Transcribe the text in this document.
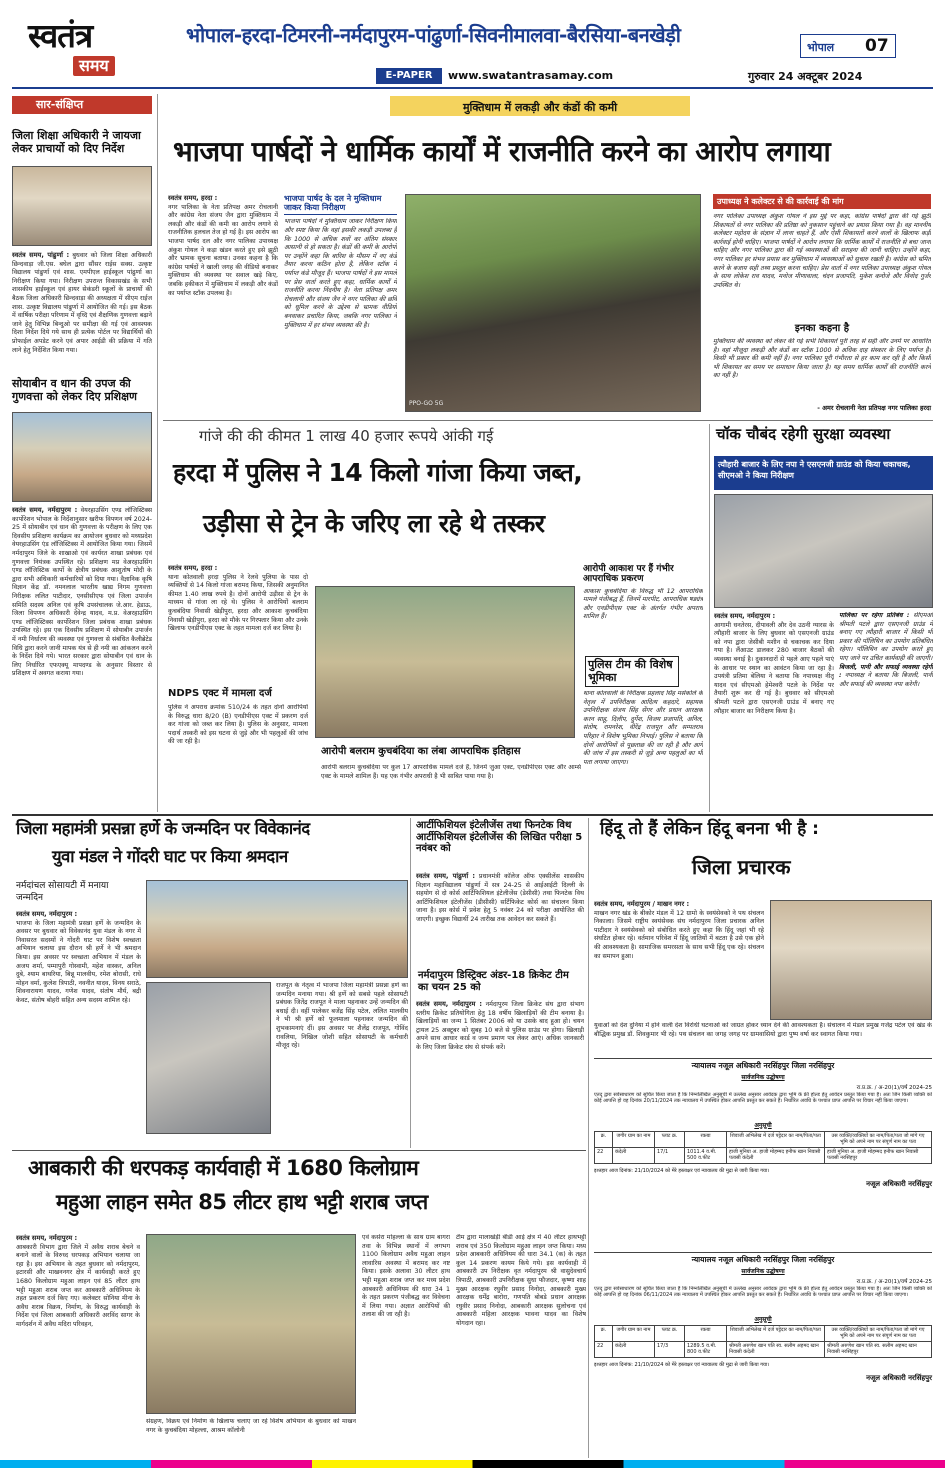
स्वतंत्र
समय
भोपाल-हरदा-टिमरनी-नर्मदापुरम-पांढुर्णा-सिवनीमालवा-बैरसिया-बनखेड़ी
भोपाल 07
E-PAPER	www.swatantrasamay.com	गुरुवार 24 अक्टूबर 2024
सार-संक्षिप्त
जिला शिक्षा अधिकारी ने जायजा लेकर प्राचार्यो को दिए निर्देश
स्वतंत्र समय, पांढुर्णा : बुधवार को जिला शिक्षा अधिकारी छिन्दवाड़ा जी.एस. बघेल द्वारा सौंसर राईस सक्स. उत्कृष्ट विद्यालय पांढुर्णा एवं शास. एमपीएल हाईस्कूल पांढुर्णा का निरीक्षण किया गया। निरीक्षण उपरान्त विकासखंड के सभी शासकीय हाईस्कूल एवं हायर सेकंडरी स्कूलों के प्राचार्यो की बैठक जिला अधिकारी छिन्दवाड़ा की अध्यक्षता में सीएम राईज शास. उत्कृष्ट विद्यालय पांढुर्णा में आयोजित की गई। इस बैठक में वार्षिक परीक्षा परिणाम में वृध्दि एवं शैक्षणिक गुणवत्ता बढ़ाने जाने हेतु विभिन्न बिन्दुओ पर समीक्षा की गई एवं आवश्यक दिशा निर्देश दिये गये साथ ही प्रत्येक पोर्टल पर विद्यार्थियों की प्रोफाईल अपडेट करने एवं अपार आईडी की प्रक्रिया में गति लाने हेतु निर्देशित किया गया।
सोयाबीन व धान की उपज की गुणवत्ता को लेकर दिए प्रशिक्षण
स्वतंत्र समय, नर्मदापुरम : वेयरहाउसिंग एण्ड लॉजिस्टिक्स कार्पोरेशन भोपाल के निर्देशानुसार खरीफ विपणन वर्ष 2024-25 में सोयाबीन एवं धान की गुणवत्ता के परीक्षण के लिए एक दिवसीय प्रशिक्षण कार्यक्रम का आयोजन बुधवार को मध्यप्रदेश वेयरहाउसिंग एंड लॉजिस्टिक्स में आयोजित किया गया। जिसमें नर्मदापुरम जिले के शाखाओ एवं कार्यरत शाखा प्रबंधक एवं गुणवत्ता नियंत्रक उपस्थित रहे। प्रशिक्षण मप्र वेअरहाउसिंग एण्ड लॉजिस्टिक कार्पो के क्षेत्रीय प्रबंधक आशुतोष मोदी के द्वारा सभी अधिकारी कर्मचारियों को दिया गया। वैज्ञानिक कृषि विज्ञान केंद्र डॉ. नमनलाल भारतीय खाद्य निगम गुणवत्ता निरीक्षक ललित पाटीदार, एनसीसीएफ एवं जिला उपार्जन समिति सदस्य अनिल एवं कृषि उपसंचालक जे.आर. हेडाऊ, जिला विपणन अधिकारी देवेन्द्र यादव, म.प्र. वेअरहाउसिंग एण्ड लॉजिस्टिक्स कार्पोरेशन जिला प्रबंधक शाखा प्रबंधक उपस्थित रहे। इस एक दिवसीय प्रशिक्षण में सोयाबीन उपार्जन में नमी निर्धारण की व्यवस्था एवं गुणवत्ता से संबंधित कैलीब्रेटेड विधि द्वारा करने जानी मापक यंत्र से ही नमी का आंकलन करने के निर्देश दिये गये। भारत सरकार द्वारा सोयाबीन एवं धान के लिए निर्धारित एफएक्यू मापदण्ड के अनुसार विस्तार से प्रशिक्षण में अवगत कराया गया।
मुक्तिधाम में लकड़ी और कंडों की कमी
भाजपा पार्षदों ने धार्मिक कार्यों में राजनीति करने का आरोप लगाया
स्वतंत्र समय, हरदा :
नगर पालिका के नेता प्रतिपक्ष अमर रोचलानी और कांग्रेस नेता संजय जैन द्वारा मुक्तिधाम में लकड़ी और कंडों की कमी का आरोप लगाने से राजनीतिक हलचल तेज हो गई है। इस आरोप का भाजपा पार्षद दल और नगर पालिका उपाध्यक्ष अंकुश गोयल ने कड़ा खंडन करते हुए इसे झूठी और भ्रामक सूचना बताया। उनका कहना है कि कांग्रेस पार्षदों ने खाली जगह की वीडियो बनाकर मुक्तिधाम की व्यवस्था पर सवाल खड़े किए, जबकि हकीकत में मुक्तिधाम में लकड़ी और कंडों का पर्याप्त स्टॉक उपलब्ध है।
भाजपा पार्षद के दल ने मुक्तिधाम जाकर किया निरीक्षण
भाजपा पार्षदों ने मुक्तिधाम जाकर निरीक्षण किया और स्पष्ट किया कि वहां इसकी लकड़ी उपलब्ध है कि 1000 से अधिक शवों का अंतिम संस्कार आसानी से हो सकता है। कंडों की कमी के आरोपों पर उन्होंने कहा कि बारिश के मौसम में नए कंडे तैयार करना कठिन होता है, लेकिन स्टॉक में पर्याप्त कंडे मौजूद हैं। भाजपा पार्षदों ने इस मामले पर प्रेस वार्ता करते हुए कहा, धार्मिक कार्यों में राजनीति करना निंदनीय है। नेता प्रतिपक्ष अमर रोचलानी और संजय जैन ने नगर पालिका की छवि को धूमिल करने के उद्देश्य से भ्रामक वीडियो बनवाकर प्रचारित किया, जबकि नगर पालिका ने मुक्तिधाम में हर संभव व्यवस्था की है।
PPO-GO 5G
उपाध्यक्ष ने कलेक्टर से की कार्रवाई की मांग
नगर पालिका उपाध्यक्ष अंकुश गोयल ने इस मुद्दे पर कहा, कांग्रेस पार्षदों द्वारा की गई झूठी शिकायतों से नगर पालिका की प्रतिष्ठा को नुकसान पहुंचाने का प्रयास किया गया है। वह माननीय कलेक्टर महोदय के संज्ञान में लाना चाहते हैं, और ऐसी शिकायतों करने वालों के खिलाफ कड़ी कार्रवाई होनी चाहिए। भाजपा पार्षदों ने आरोप लगाया कि धार्मिक कार्यों में राजनीति से बचा जाना चाहिए और नगर पालिका द्वारा की गई व्यवस्थाओं की सराहना की जानी चाहिए। उन्होंने कहा, नगर पालिका हर संभव प्रयास कर मुक्तिधाम में व्यवस्थाओं को सुचारु रखती है। कांग्रेस को भ्रमित करने के बजाय सही तथ्य प्रस्तुत करना चाहिए। प्रेस वार्ता में नगर पालिका उपाध्यक्ष अंकुश गोयल के साथ लोकेश राव यादव, मनोज मीणावाला, चंदन प्रजापति, मुकेश कनोजे और विनोद गुर्जर उपस्थित थे।
इनका कहना है
मुक्तिधाम की व्यवस्था को लेकर की गई सभी शिकायतें पूरी तरह से सही और उनमें पर आधारित है। वहां मौजूदा लकड़ी और कंडों का स्टॉक 1000 से अधिक दाह संस्कार के लिए पर्याप्त है। किसी भी प्रकार की कमी नहीं है। नगर पालिका पूरी गंभीरता से हर काम कर रही है और किसी भी शिकायत का समय पर समाधान किया जाता है। यह समय धार्मिक कार्यों की राजनीति करने का नहीं है।
- अमर रोचलानी नेता प्रतिपक्ष नगर पालिका हरदा
गांजे की की कीमत 1 लाख 40 हजार रूपये आंकी गई
हरदा में पुलिस ने 14 किलो गांजा किया जब्त,
उड़ीसा से ट्रेन के जरिए ला रहे थे तस्कर
स्वतंत्र समय, हरदा :
थाना कोतवाली हरदा पुलिस ने रेलवे पुलिया के पास दो व्यक्तियों से 14 किलो गांजा बरामद किया, जिसकी अनुमानित कीमत 1.40 लाख रुपये है। दोनों आरोपी उड़ीसा से ट्रेन के माध्यम से गांजा ला रहे थे। पुलिस ने आरोपियों बलराम कुचबंदिया निवासी खेड़ीपुरा, हरदा और आकाश कुचबंदिया निवासी खेड़ीपुरा, हरदा को मौके पर गिरफ्तार किया और उनके खिलाफ एनडीपीएस एक्ट के तहत मामला दर्ज कर लिया है।
NDPS एक्ट में मामला दर्ज
पुलिस ने अपराध क्रमांक 510/24 के तहत दोनों आरोपियों के विरुद्ध धारा 8/20 (B) एनडीपीएस एक्ट में प्रकरण दर्ज कर गांजा को जब्त कर लिया है। पुलिस के अनुसार, मामला पदार्थ तस्करी को इस घटना से जुड़े और भी पहलुओं की जांच की जा रही है।
आरोपी बलराम कुचबंदिया का लंबा आपराधिक इतिहास
आरोपी बलराम कुचबंदिया पर कुल 17 आपराधिक मामले दर्ज हैं, जिनमें जुआ एक्ट, एनडीपीएस एक्ट और आर्म्स एक्ट के मामले शामिल हैं। यह एक गंभीर अपराधी है भी साबित पाया गया है।
आरोपी आकाश पर हैं गंभीर आपराधिक प्रकरण
आकाश कुचबंदिया के विरुद्ध भी 12 आपराधिक मामले पंजीबद्ध हैं, जिनमें मारपीट, आपराधिक षड्यंत्र और एनडीपीएस एक्ट के अंतर्गत गंभीर अपराध शामिल हैं।
पुलिस टीम की विशेष भूमिका
थाना कोतवाली के निरीक्षक प्रहलाद सिंह मर्सकोले के नेतृत्व में उपनिरीक्षक आदित्य कहदारे, सहायक उपनिरीक्षक संजय सिंह सेंगर और प्रधान आरक्षक करन साहू, दिलीप, दुर्गेश, विजय प्रजापति, अनिल, संतोष, रामनरेश, वीरेंद्र राजपूत और सम्पतराव परिहार ने विशेष भूमिका निभाई। पुलिस ने बताया कि दोनों आरोपियों से पूछताछ की जा रही है और आगे की जांच में इस तस्करी से जुड़े अन्य पहलुओं का भी पता लगाया जाएगा।
चॉक चौबंद रहेगी सुरक्षा व्यवस्था
त्यौहारी बाजार के लिए नपा ने एसएनजी ग्राउंड को किया चकाचक, सीएमओ ने किया निरीक्षण
स्वतंत्र समय, नर्मदापुरम :
आगामी धनतेरस, दीपावली और देव उठनी ग्यारस के त्यौहारी बाजार के लिए बुधवार को एसएनजी ग्राउंड को नपा द्वारा जेसीबी मशीन से चकाचक कर दिया गया है। लैंआउट डालकर 280 बाजार बैठकों की व्यवस्था बनाई है। दुकानदारों से पहले आए पहले पाएं के आधार पर स्थान का आवंटन किया जा रहा है। उपयंत्री प्रतिमा बेलिया ने बताया कि नपाध्यक्ष नीतू यादव एवं सीएमओ हेमेश्वरी पटले के निर्देश पर तैयारी शुरू कर दी गई है। बुधवार को सीएमओ श्रीमती पटले द्वारा एसएनजी ग्राउंड में बनाए गए त्यौहार बाजार का निरीक्षण किया है।
पालिका पर रहेगा प्रतिबंध : सीएमओ श्रीमती पटले द्वारा एसएनजी ग्राउंड में बनाए गए त्यौहारी बाजार में किसी भी प्रकार की पॉलिथिन का उपयोग प्रतिबंधित रहेगा। पॉलिथिन का उपयोग करते हुए पाए जाने पर उचित कार्यवाही की जाएगी।
बिजली, पानी और सफाई व्यवस्था रहेगी : नपाध्यक्ष ने बताया कि बिजली, पानी और सफाई की व्यवस्था नपा करेगी।
जिला महामंत्री प्रसन्ना हर्णे के जन्मदिन पर विवेकानंद
युवा मंडल ने गोंदरी घाट पर किया श्रमदान
नर्मदांचल सोसायटी में मनाया जन्मदिन
स्वतंत्र समय, नर्मदापुरम :
भाजपा के जिला महामंत्री प्रसन्ना हर्णे के जन्मदिन के अवसर पर बुधवार को विवेकानंद युवा मंडल के नगर में निवासरत सदस्यों ने गोंदरी घाट पर विशेष स्वच्छता अभियान चलाया इस दौरान श्री हर्णे ने भी श्रमदान किया। इस अवसर पर स्वच्छता अभियान में मंडल के अजय शर्मा, पम्मापुरी गोस्वामी, महेश वास्कर, अनिल दुबे, श्याम बाथरिया, बिन्नू मालवीय, रमेश बोरासी, राधे मोहन वर्मा, कुलेश त्रिपाठी, नवनीत यादव, विनय सराठे, शिवनारायण यादव, गणेश यादव, संतोष मौर्य, बद्री केवट, संतोष बोहरी सहित अन्य सदस्य शामिल रहे।
राजपूत के नेतृत्व में भाजपा जिला महामंत्री प्रसन्ना हर्णे का जन्मदिन मनाया गया। श्री हर्णे को सबसे पहले सोसायटी प्रबंधक जितेंद्र राजपूत ने माला पहनाकर उन्हें जन्मदिन की बधाई दी। वहीं पालेकर बजेंद्र सिंह पटेल, ललित मालवीय ने भी श्री हर्णे को फूलमाला पहनाकर जन्मदिन की शुभकामनाएं दीं। इस अवसर पर शैलेंद्र राजपूत, गोविंद रावलिया, निखिल जोशी सहित सोसायटी के कर्मचारी मौजूद रहे।
आर्टीफिशियल इंटेलीजेंस तथा फिनटेक विथ आर्टीफिशियल इंटेलीजेंस की लिखित परीक्षा 5 नवंबर को
स्वतंत्र समय, पांढुर्णा : प्रधानमंत्री कॉलेज ऑफ एक्सीलेंस शासकीय विज्ञान महाविद्यालय पांढुर्णा में सत्र 24-25 से आईआईटी दिल्ली के सहयोग से दो कोर्स आर्टिफिशियल इंटेलीजेंस (डेसीसी) तथा फिनटेक विथ आर्टिफिशियल इंटेलीजेंस (डीसीसी) सर्टिफिकेट कोर्स का संचालन किया जाना है। इस कोर्स में प्रवेश हेतु 5 नवंबर 24 को परीक्षा आयोजित की जाएगी। इच्छुक विद्यार्थी 24 तारीख तक आवेदन कर सकते हैं।
नर्मदापुरम डिस्ट्रिक्ट अंडर-18 क्रिकेट टीम का चयन 25 को
स्वतंत्र समय, नर्मदापुरम : नर्मदापुरम जिला क्रिकेट संघ द्वारा संभाग स्तरीय क्रिकेट प्रतियोगिता हेतु 18 वर्षीय खिलाड़ियों की टीम बनाया है। खिलाड़ियों का जन्म 1 सितंबर 2006 को या उसके बाद हुआ हो। चयन ट्रायल 25 अक्टूबर को सुबह 10 बजे से पुलिस ग्राउंड पर होगा। खिलाड़ी अपने साथ आधार कार्ड व जन्म प्रमाण पत्र लेकर आएं। अधिक जानकारी के लिए जिला क्रिकेट संघ से संपर्क करें।
हिंदू तो हैं लेकिन हिंदू बनना भी है :
जिला प्रचारक
स्वतंत्र समय, नर्मदापुरम / माखन नगर :
माखन नगर खंड के बीकोर मंडल में 12 ग्रामो के स्वयंसेवको ने पथ संचलन निकाला। जिसमे राष्ट्रीय स्वयंसेवक संघ नर्मदापुरम जिला प्रचारक अनिल पाटीदार ने स्वयंसेवको को संबोधित करते हुए कहा कि हिंदू जहां भी रहे संघटित होकर रहे। वर्तमान परिवेश में हिंदू जातियों में बटता है उसे एक होने की आवश्यकता है। सामाजिक समरसता के साथ सभी हिंदू एक रहे। संचलन का समापन हुआ।
युवाओं को देश दुनिया में होने वाली देश विरोधी घटनाओ को जाग्रत होकर ध्यान देने की आवश्यकता है। संचालन में मंडल प्रमुख गजेंद्र पटेल एवं खंड के बौद्धिक प्रमुख डॉ. शिवकुमार भी रहे। पथ संचलन का जगह जगह पर ग्रामवासियो द्वारा पुष्प वर्षा कर स्वागत किया गया।
न्यायालय नजूल अधिकारी नरसिंहपुर जिला नरसिंहपुर
सार्वजनिक उद्घोषणा
रा.प्र.क्र. / अ-20(1)/वर्ष 2024-25
एतद् द्वारा सर्वसाधारण को सूचित किया जाता है कि निम्नलिखित अनुसूची में उल्लेख अनुसार आवेदक द्वारा भूमि के फ्री होल्ड हेतु आवेदन प्रस्तुत किया गया है। अतः जिन किसी व्यक्ति को कोई आपत्ति हो वह दिनांक 20/11/2024 तक न्यायालय में उपस्थित होकर आपत्ति प्रस्तुत कर सकते हैं। निर्धारित अवधि के पश्चात प्राप्त आपत्ति पर विचार नहीं किया जाएगा।
अनुसूची
क्र.	जगीर ग्राम का नाम	प्लाट क्र.	रकबा	शिवाजी अभिलेख में दर्ज पट्टेदार का नाम/पिता/पता	उस व्यक्ति/व्यक्तियों का नाम/पिता/पता जो मांगे गए भूमि को अपने नाम पर संपूर्ण नाम का पता
22	कंदेली	17/1	1011.4 व.मी. 500 व.फीट	हाजी मुनिया अ. हाजी मोहम्मद हनीफ खान निवासी पतासी कंदेली	हाजी मुनिया अ. हाजी मोहम्मद हनीफ खान निवासी पतासी नरसिंहपुर
इश्तहार आज दिनांक: 21/10/2024 को मेरे हस्ताक्षर एवं न्यायालय की मुद्रा से जारी किया गया।
नजूल अधिकारी नरसिंहपुर
न्यायालय नजूल अधिकारी नरसिंहपुर जिला नरसिंहपुर
सार्वजनिक उद्घोषणा
रा.प्र.क्र. / अ-20(1)/वर्ष 2024-25
एतद् द्वारा सर्वसाधारण को सूचित किया जाता है कि निम्नलिखित अनुसूची में उल्लेख अनुसार आवेदक द्वारा भूमि के फ्री होल्ड हेतु आवेदन प्रस्तुत किया गया है। अतः जिन किसी व्यक्ति को कोई आपत्ति हो वह दिनांक 06/11/2024 तक न्यायालय में उपस्थित होकर आपत्ति प्रस्तुत कर सकते हैं। निर्धारित अवधि के पश्चात प्राप्त आपत्ति पर विचार नहीं किया जाएगा।
अनुसूची
क्र.	जगीर ग्राम का नाम	प्लाट क्र.	रकबा	शिवाजी अभिलेख में दर्ज पट्टेदार का नाम/पिता/पता	उस व्यक्ति/व्यक्तियों का नाम/पिता/पता जो मांगे गए भूमि को अपने नाम पर संपूर्ण नाम का पता
22	कंदेली	17/3	1289.5 व.मी. 800 व.फीट	श्रीमती अरुणेश खान पति स्व. सलीम अहमद खान निवासी कंदेली	श्रीमती अरुणेश खान पति स्व. सलीम अहमद खान निवासी नरसिंहपुर
इश्तहार आज दिनांक: 21/10/2024 को मेरे हस्ताक्षर एवं न्यायालय की मुद्रा से जारी किया गया।
नजूल अधिकारी नरसिंहपुर
आबकारी की धरपकड़ कार्यवाही में 1680 किलोग्राम
महुआ लाहन समेत 85 लीटर हाथ भट्टी शराब जप्त
स्वतंत्र समय, नर्मदापुरम :
आबकारी विभाग द्वारा जिले में अवैध शराब बेचने व बनाने वालों के विरुध्द धरपकड़ अभियान चलाया जा रहा है। इस अभियान के तहत बुधवार को नर्मदापुरम, इटारसी और माखननगर क्षेत्र में कार्यवाही करते हुए 1680 किलोग्राम महुआ लाहन एवं 85 लीटर हाथ भट्टी महुआ शराब जप्त कर आबकारी अधिनियम के तहत प्रकरण दर्ज किए गए। कलेक्टर सोनिया मीना के अवैध शराब विक्रय, निर्माण, के विरुद्ध कार्यवाही के निर्देश एवं जिला आबकारी अधिकारी अरविंद सागर के मार्गदर्शन में अवैध मदिरा परिवहन,
संग्रहण, विक्रय एवं निर्माण के खिलाफ चलाए जा रहे विशेष अभियान के बुधवार को माखन नगर के कुचबंदिया मोहल्ला, आश्रम कॉलोनी
एवं कसेरा मोहल्ला के साथ ग्राम बागरा तवा के विभिन्न स्थानों में लगभग 1100 किलोग्राम अवैध महुआ लाहन लावारिस अवस्था में बरामद कर नष्ट किया। इसके अलावा 30 लीटर हाथ भट्टी महुआ शराब जप्त कर मध्य प्रदेश आबकारी अधिनियम की धारा 34 1 के तहत प्रकरण पंजीबद्ध कर विवेचना में लिया गया। अज्ञात आरोपियों की तलाश की जा रही है।
टीम द्वारा मालाखेड़ी बीडी आई क्षेत्र में 40 लीटर हाथभट्टी शराब एवं 350 किलोग्राम महुआ लाहन जप्त किया। मध्य प्रदेश आबकारी अधिनियम की धारा 34.1 (क) के तहत कुल 14 प्रकरण कायम किये गये। इस कार्यवाही में आबकारी उप निरीक्षक वृत नर्मदापुरम श्री वासुदेवचार्य त्रिपाठी, आबकारी उपनिरीक्षक सुधा फौजदार, कृष्णा शाह मुख्य आरक्षक रघुवीर प्रसाद निनोदा, आबकारी मुख्य आरक्षक धर्मेंद्र बारोरा, गणपति बोबडे प्रधान आरक्षक रघुवीर प्रसाद निनोदा, आबकारी आरक्षक सुलोचना एवं आबकारी महिला आरक्षक भावना यादव का विशेष योगदान रहा।
